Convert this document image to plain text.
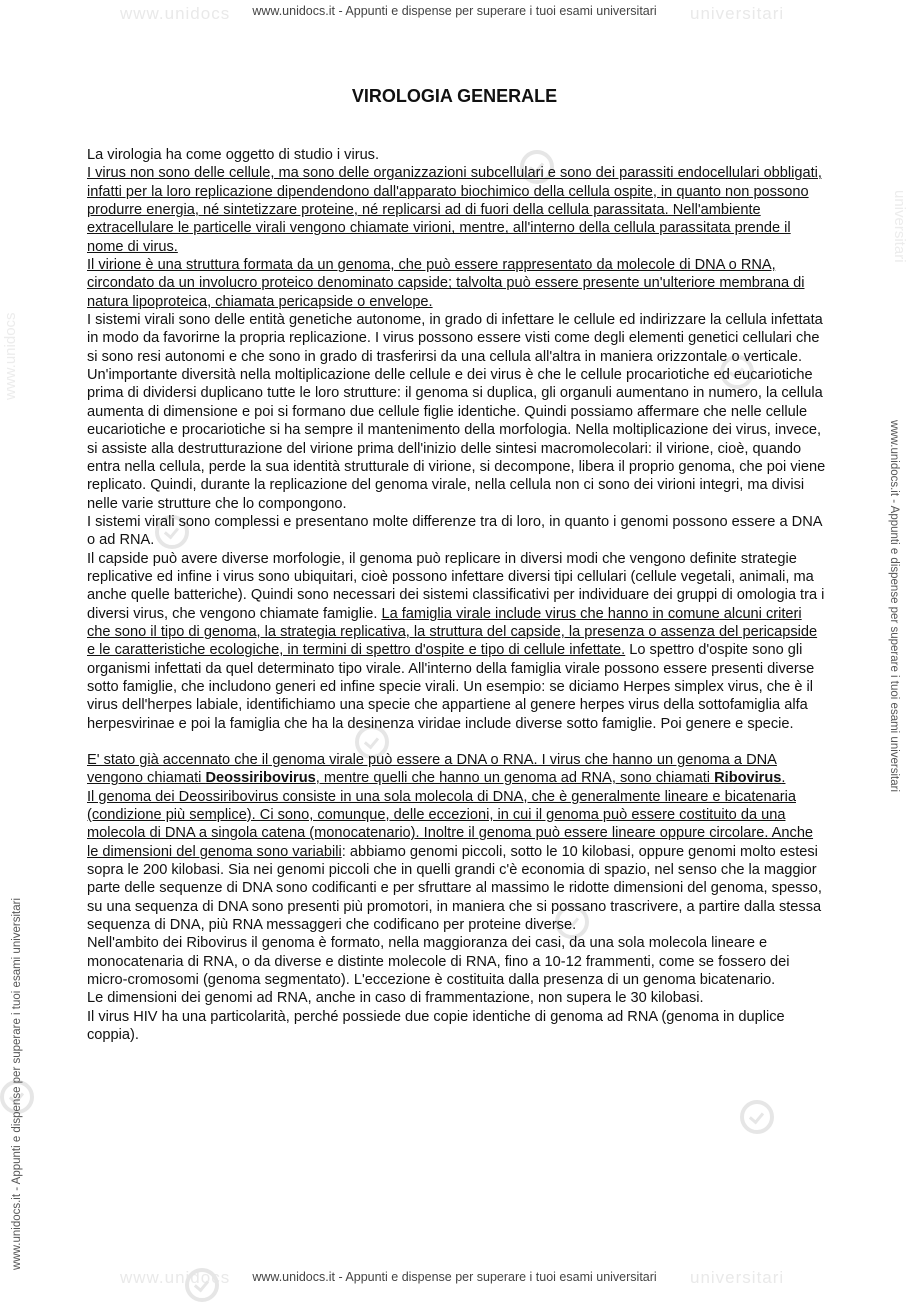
www.unidocs	universitari
www.unidocs	universitari
www.unidocs
universitari
www.unidocs.it - Appunti e dispense per superare i tuoi esami universitari
www.unidocs.it - Appunti e dispense per superare i tuoi esami universitari
www.unidocs.it - Appunti e dispense per superare i tuoi esami universitari
www.unidocs.it - Appunti e dispense per superare i tuoi esami universitari
VIROLOGIA GENERALE

La virologia ha come oggetto di studio i virus.

I virus non sono delle cellule, ma sono delle organizzazioni subcellulari e sono dei parassiti endocellulari obbligati, infatti per la loro replicazione dipendendono dall'apparato biochimico della cellula ospite, in quanto non possono produrre energia, né sintetizzare proteine, né replicarsi ad di fuori della cellula parassitata. Nell'ambiente extracellulare le particelle virali vengono chiamate virioni, mentre, all'interno della cellula parassitata prende il nome di virus.

Il virione è una struttura formata da un genoma, che può essere rappresentato da molecole di DNA o RNA, circondato da un involucro proteico denominato capside; talvolta può essere presente un'ulteriore membrana di natura lipoproteica, chiamata pericapside o envelope.

I sistemi virali sono delle entità genetiche autonome, in grado di infettare le cellule ed indirizzare la cellula infettata in modo da favorirne la propria replicazione. I virus possono essere visti come degli elementi genetici cellulari che si sono resi autonomi e che sono in grado di trasferirsi da una cellula all'altra in maniera orizzontale o verticale. Un'importante diversità nella moltiplicazione delle cellule e dei virus è che le cellule procariotiche ed eucariotiche prima di dividersi duplicano tutte le loro strutture: il genoma si duplica, gli organuli aumentano in numero, la cellula aumenta di dimensione e poi si formano due cellule figlie identiche. Quindi possiamo affermare che nelle cellule eucariotiche e procariotiche si ha sempre il mantenimento della morfologia. Nella moltiplicazione dei virus, invece, si assiste alla destrutturazione del virione prima dell'inizio delle sintesi macromolecolari: il virione, cioè, quando entra nella cellula, perde la sua identità strutturale di virione, si decompone, libera il proprio genoma, che poi viene replicato. Quindi, durante la replicazione del genoma virale, nella cellula non ci sono dei virioni integri, ma divisi nelle varie strutture che lo compongono.

I sistemi virali sono complessi e presentano molte differenze tra di loro, in quanto i genomi possono essere a DNA o ad RNA.

Il capside può avere diverse morfologie, il genoma può replicare in diversi modi che vengono definite strategie replicative ed infine i virus sono ubiquitari, cioè possono infettare diversi tipi cellulari (cellule vegetali, animali, ma anche quelle batteriche). Quindi sono necessari dei sistemi classificativi per individuare dei gruppi di omologia tra i diversi virus, che vengono chiamate famiglie. La famiglia virale include virus che hanno in comune alcuni criteri che sono il tipo di genoma, la strategia replicativa, la struttura del capside, la presenza o assenza del pericapside e le caratteristiche ecologiche, in termini di spettro d'ospite e tipo di cellule infettate. Lo spettro d'ospite sono gli organismi infettati da quel determinato tipo virale. All'interno della famiglia virale possono essere presenti diverse sotto famiglie, che includono generi ed infine specie virali. Un esempio: se diciamo Herpes simplex virus, che è il virus dell'herpes labiale, identifichiamo una specie che appartiene al genere herpes virus della sottofamiglia alfa herpesvirinae e poi la famiglia che ha la desinenza viridae include diverse sotto famiglie. Poi genere e specie.

E' stato già accennato che il genoma virale può essere a DNA o RNA. I virus che hanno un genoma a DNA vengono chiamati Deossiribovirus, mentre quelli che hanno un genoma ad RNA, sono chiamati Ribovirus.

Il genoma dei Deossiribovirus consiste in una sola molecola di DNA, che è generalmente lineare e bicatenaria (condizione più semplice). Ci sono, comunque, delle eccezioni, in cui il genoma può essere costituito da una molecola di DNA a singola catena (monocatenario). Inoltre il genoma può essere lineare oppure circolare. Anche le dimensioni del genoma sono variabili: abbiamo genomi piccoli, sotto le 10 kilobasi, oppure genomi molto estesi sopra le 200 kilobasi. Sia nei genomi piccoli che in quelli grandi c'è economia di spazio, nel senso che la maggior parte delle sequenze di DNA sono codificanti e per sfruttare al massimo le ridotte dimensioni del genoma, spesso, su una sequenza di DNA sono presenti più promotori, in maniera che si possano trascrivere, a partire dalla stessa sequenza di DNA, più RNA messaggeri che codificano per proteine diverse.

Nell'ambito dei Ribovirus il genoma è formato, nella maggioranza dei casi, da una sola molecola lineare e monocatenaria di RNA, o da diverse e distinte molecole di RNA, fino a 10-12 frammenti, come se fossero dei micro-cromosomi (genoma segmentato). L'eccezione è costituita dalla presenza di un genoma bicatenario.

Le dimensioni dei genomi ad RNA, anche in caso di frammentazione, non supera le 30 kilobasi.

Il virus HIV ha una particolarità, perché possiede due copie identiche di genoma ad RNA (genoma in duplice coppia).
